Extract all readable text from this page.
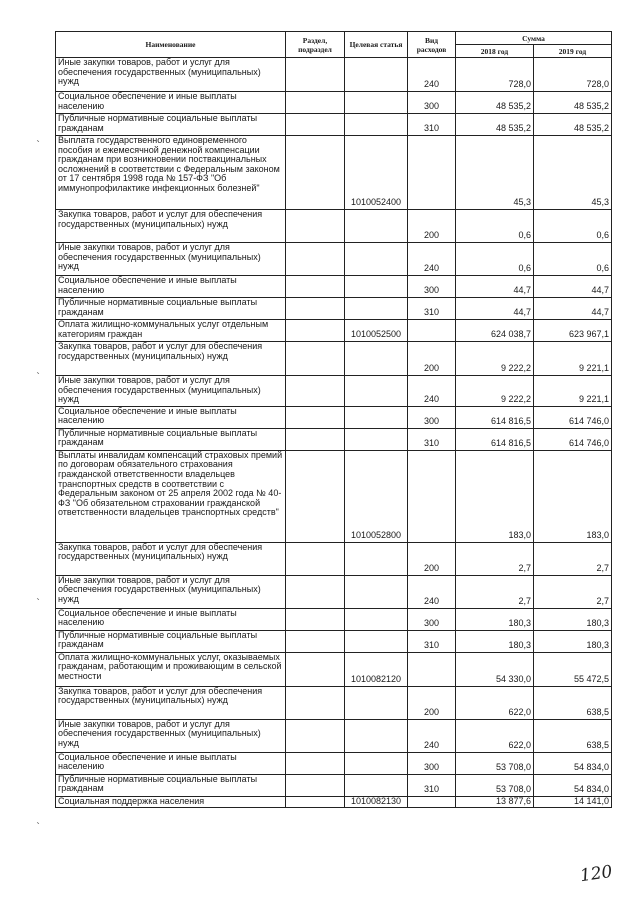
Наименование	Раздел, подраздел	Целевая статья	Вид расходов	Сумма	
				2018 год	2019 год
Иные закупки товаров, работ и услуг для обеспечения государственных (муниципальных) нужд			240	728,0	728,0
Социальное обеспечение и иные выплаты населению			300	48 535,2	48 535,2
Публичные нормативные социальные выплаты гражданам			310	48 535,2	48 535,2
Выплата государственного единовременного пособия и ежемесячной денежной компенсации гражданам при возникновении поствакцинальных осложнений в соответствии с Федеральным законом от 17 сентября 1998 года № 157-ФЗ "Об иммунопрофилактике инфекционных болезней"		1010052400		45,3	45,3
Закупка товаров, работ и услуг для обеспечения государственных (муниципальных) нужд			200	0,6	0,6
Иные закупки товаров, работ и услуг для обеспечения государственных (муниципальных) нужд			240	0,6	0,6
Социальное обеспечение и иные выплаты населению			300	44,7	44,7
Публичные нормативные социальные выплаты гражданам			310	44,7	44,7
Оплата жилищно-коммунальных услуг отдельным категориям граждан		1010052500		624 038,7	623 967,1
Закупка товаров, работ и услуг для обеспечения государственных (муниципальных) нужд			200	9 222,2	9 221,1
Иные закупки товаров, работ и услуг для обеспечения государственных (муниципальных) нужд			240	9 222,2	9 221,1
Социальное обеспечение и иные выплаты населению			300	614 816,5	614 746,0
Публичные нормативные социальные выплаты гражданам			310	614 816,5	614 746,0
Выплаты инвалидам компенсаций страховых премий по договорам обязательного страхования гражданской ответственности владельцев транспортных средств в соответствии с Федеральным законом от 25 апреля 2002 года № 40-ФЗ "Об обязательном страховании гражданской ответственности владельцев транспортных средств"		1010052800		183,0	183,0
Закупка товаров, работ и услуг для обеспечения государственных (муниципальных) нужд			200	2,7	2,7
Иные закупки товаров, работ и услуг для обеспечения государственных (муниципальных) нужд			240	2,7	2,7
Социальное обеспечение и иные выплаты населению			300	180,3	180,3
Публичные нормативные социальные выплаты гражданам			310	180,3	180,3
Оплата жилищно-коммунальных услуг, оказываемых гражданам, работающим и проживающим в сельской местности		1010082120		54 330,0	55 472,5
Закупка товаров, работ и услуг для обеспечения государственных (муниципальных) нужд			200	622,0	638,5
Иные закупки товаров, работ и услуг для обеспечения государственных (муниципальных) нужд			240	622,0	638,5
Социальное обеспечение и иные выплаты населению			300	53 708,0	54 834,0
Публичные нормативные социальные выплаты гражданам			310	53 708,0	54 834,0
Социальная поддержка населения		1010082130		13 877,6	14 141,0
ˋ
ˋ
ˋ
ˋ
120
